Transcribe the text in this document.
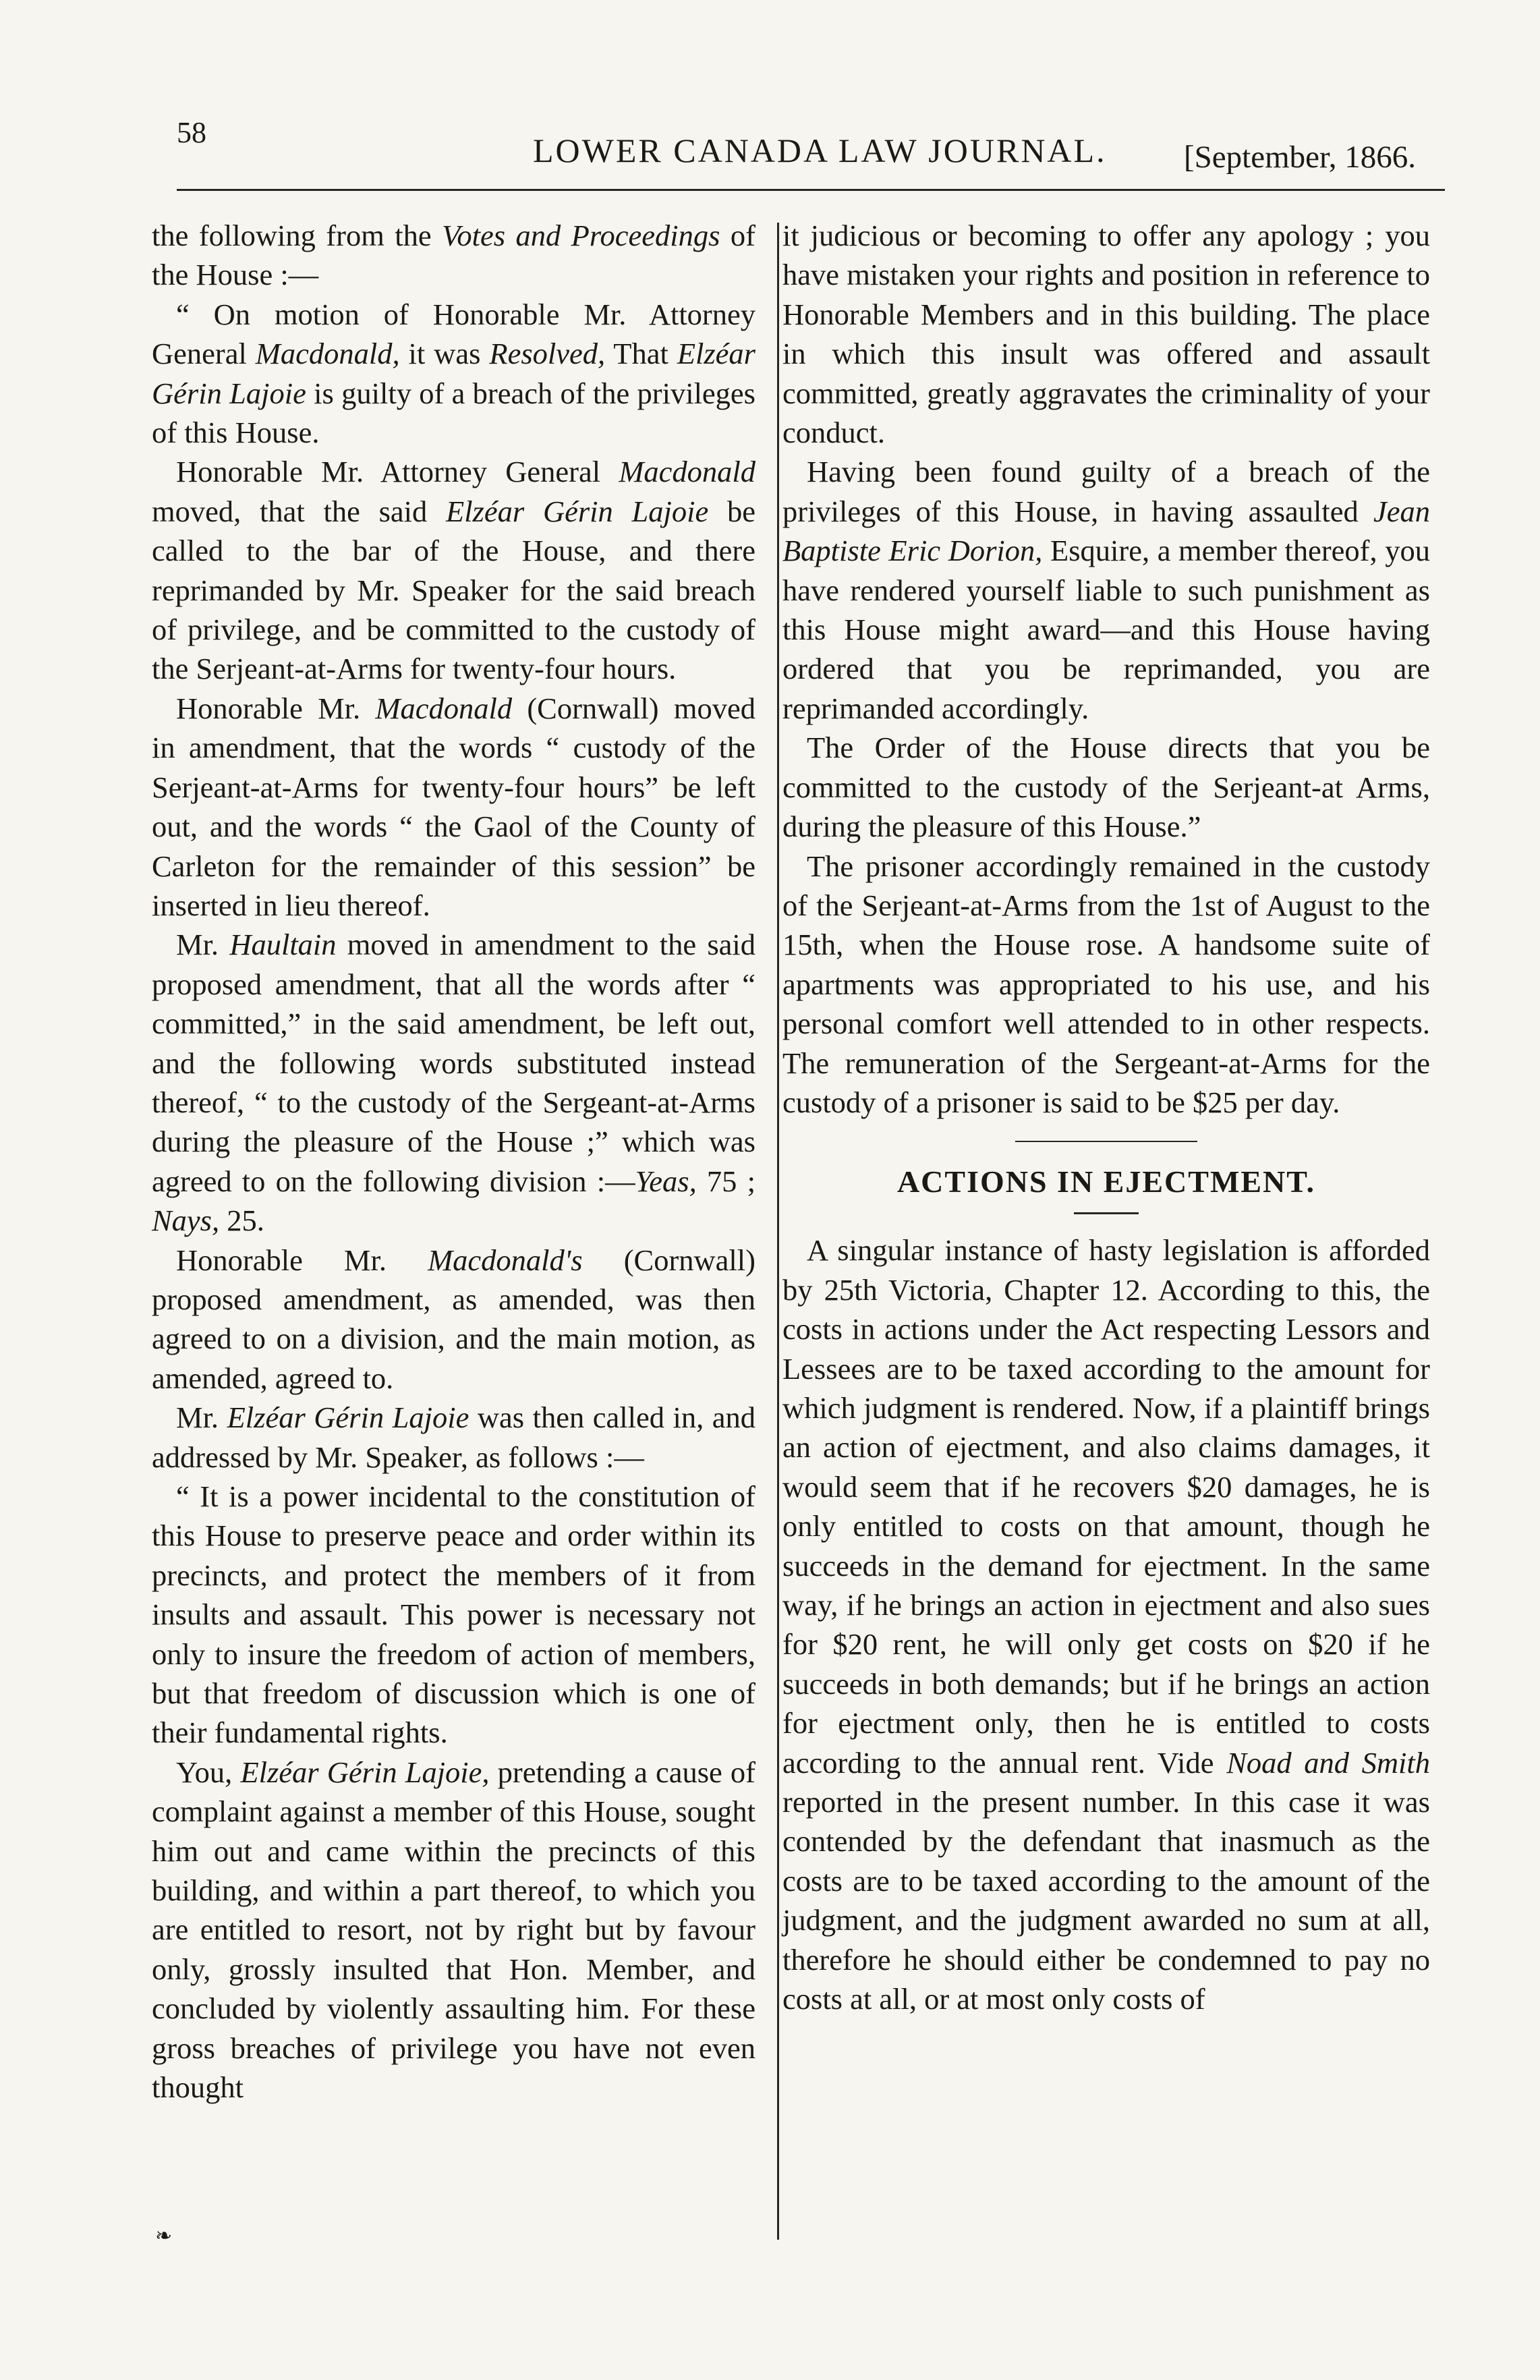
58	LOWER CANADA LAW JOURNAL. [September, 1866.

the following from the Votes and Proceedings of the House :—

“ On motion of Honorable Mr. Attorney General Macdonald, it was Resolved, That Elzéar Gérin Lajoie is guilty of a breach of the privileges of this House.

Honorable Mr. Attorney General Macdonald moved, that the said Elzéar Gérin Lajoie be called to the bar of the House, and there reprimanded by Mr. Speaker for the said breach of privilege, and be committed to the custody of the Serjeant-at-Arms for twenty-four hours.

Honorable Mr. Macdonald (Cornwall) moved in amendment, that the words “ custody of the Serjeant-at-Arms for twenty-four hours” be left out, and the words “ the Gaol of the County of Carleton for the remainder of this session” be inserted in lieu thereof.

Mr. Haultain moved in amendment to the said proposed amendment, that all the words after “ committed,” in the said amendment, be left out, and the following words substituted instead thereof, “ to the custody of the Sergeant-at-Arms during the pleasure of the House ;” which was agreed to on the following division :—Yeas, 75 ; Nays, 25.

Honorable Mr. Macdonald's (Cornwall) proposed amendment, as amended, was then agreed to on a division, and the main motion, as amended, agreed to.

Mr. Elzéar Gérin Lajoie was then called in, and addressed by Mr. Speaker, as follows :—

“ It is a power incidental to the constitution of this House to preserve peace and order within its precincts, and protect the members of it from insults and assault. This power is necessary not only to insure the freedom of action of members, but that freedom of discussion which is one of their fundamental rights.

You, Elzéar Gérin Lajoie, pretending a cause of complaint against a member of this House, sought him out and came within the precincts of this building, and within a part thereof, to which you are entitled to resort, not by right but by favour only, grossly insulted that Hon. Member, and concluded by violently assaulting him. For these gross breaches of privilege you have not even thought

it judicious or becoming to offer any apology ; you have mistaken your rights and position in reference to Honorable Members and in this building. The place in which this insult was offered and assault committed, greatly aggravates the criminality of your conduct.

Having been found guilty of a breach of the privileges of this House, in having assaulted Jean Baptiste Eric Dorion, Esquire, a member thereof, you have rendered yourself liable to such punishment as this House might award—and this House having ordered that you be reprimanded, you are reprimanded accordingly.

The Order of the House directs that you be committed to the custody of the Serjeant-at Arms, during the pleasure of this House.”

The prisoner accordingly remained in the custody of the Serjeant-at-Arms from the 1st of August to the 15th, when the House rose. A handsome suite of apartments was appropriated to his use, and his personal comfort well attended to in other respects. The remuneration of the Sergeant-at-Arms for the custody of a prisoner is said to be $25 per day.

ACTIONS IN EJECTMENT.

A singular instance of hasty legislation is afforded by 25th Victoria, Chapter 12. According to this, the costs in actions under the Act respecting Lessors and Lessees are to be taxed according to the amount for which judgment is rendered. Now, if a plaintiff brings an action of ejectment, and also claims damages, it would seem that if he recovers $20 damages, he is only entitled to costs on that amount, though he succeeds in the demand for ejectment. In the same way, if he brings an action in ejectment and also sues for $20 rent, he will only get costs on $20 if he succeeds in both demands; but if he brings an action for ejectment only, then he is entitled to costs according to the annual rent. Vide Noad and Smith reported in the present number. In this case it was contended by the defendant that inasmuch as the costs are to be taxed according to the amount of the judgment, and the judgment awarded no sum at all, therefore he should either be condemned to pay no costs at all, or at most only costs of

❧
